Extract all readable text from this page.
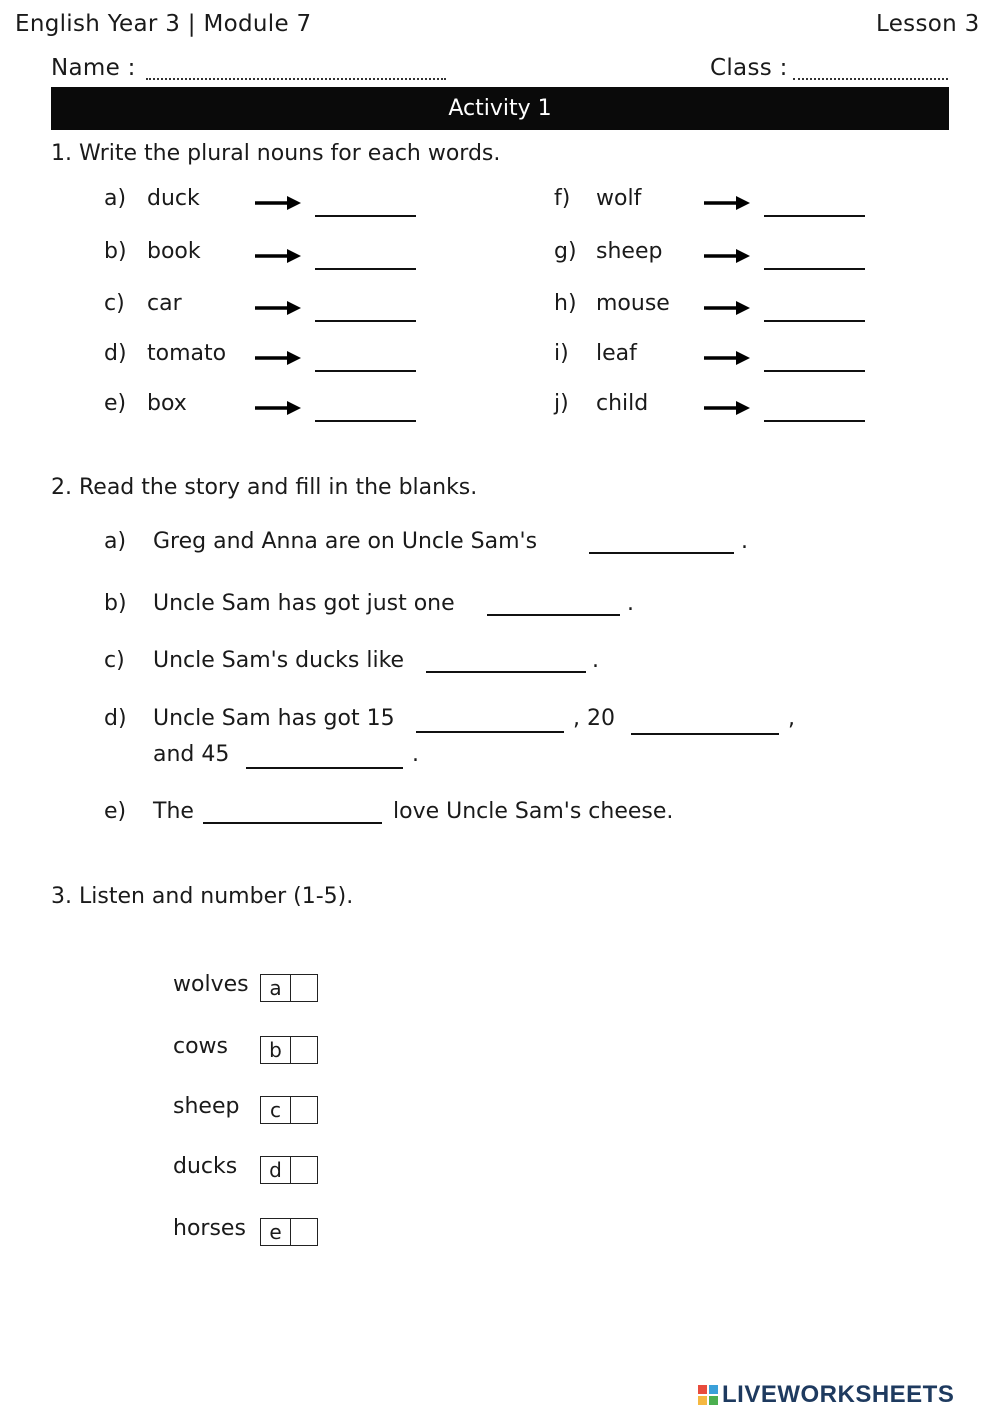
English Year 3 | Module 7	Lesson 3
Name :	Class :
Activity 1
1. Write the plural nouns for each words.
a) duck
b) book
c) car
d) tomato
e) box
f) wolf
g) sheep
h) mouse
i) leaf
j) child
2. Read the story and fill in the blanks.
a) Greg and Anna are on Uncle Sam's	.
b) Uncle Sam has got just one	.
c) Uncle Sam's ducks like	.
d) Uncle Sam has got 15	, 20	,
and 45	.
e) The	love Uncle Sam's cheese.
3. Listen and number (1-5).
wolves	a
cows	b
sheep	c
ducks	d
horses	e
LIVEWORKSHEETS
